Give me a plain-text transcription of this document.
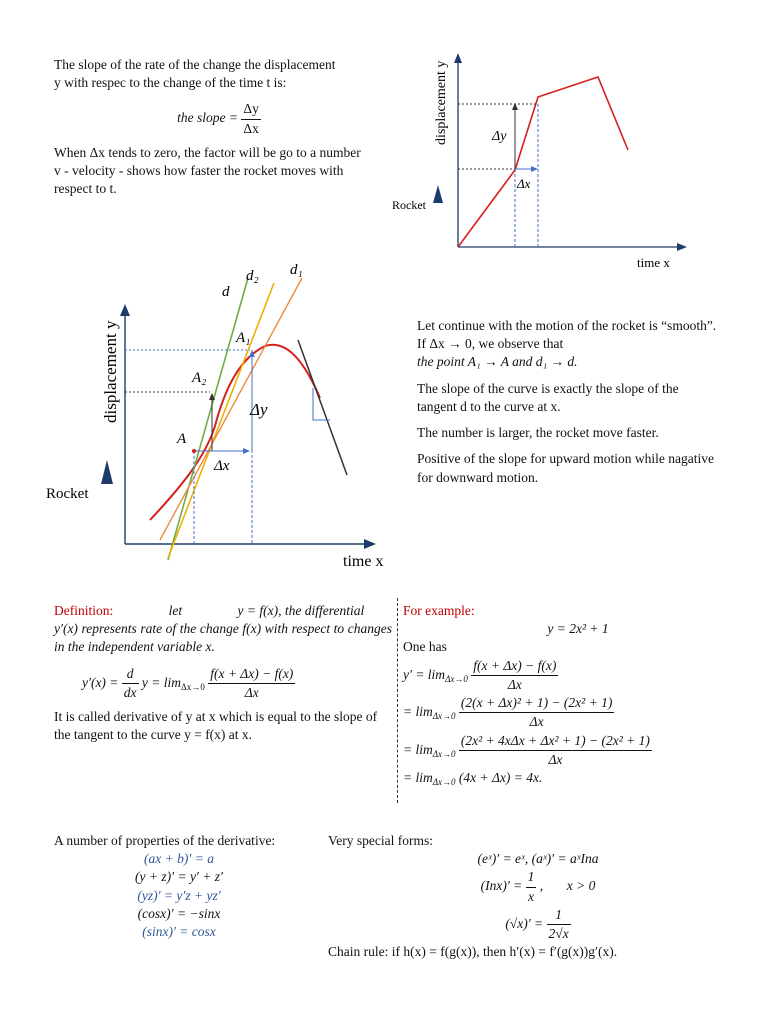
The slope of the rate of the change the displacement

y with respec to the change of the time t is:

the slope = $\frac{\Delta y}{\Delta x}$

When Δx tends to zero, the factor will be go to a number v - velocity - shows how faster the rocket moves with respect to t.

Δy
Δx
displacement y
time x
Rocket
A
A₂
A₁
d
d₂ d₁
Δy
Δx
displacement y
time x
Rocket

Let continue with the motion of the rocket is “smooth”. If Δx → 0, we observe that

the point A₁ → A and d₁ → d.

The slope of the curve is exactly the slope of the tangent d to the curve at x.

The number is larger, the rocket move faster.

Positive of the slope for upward motion while nagative for downward motion.

Definition:	let	y = f(x), the differential

y′(x) represents rate of the change f(x) with respect to changes in the independent variable x.

$y'(x) = \frac{d}{dx}$ $y = \lim_{\Delta x\to 0} \frac{f(x + \Delta x) - f(x)}{\Delta x}$

It is called derivative of y at x which is equal to the slope of the tangent to the curve y = f(x) at x.

For example:

y = 2x² + 1

One has

$y' = \lim_{\Delta x\to 0} \frac{f(x + \Delta x) - f(x)}{\Delta x}$
= $\lim_{\Delta x\to 0} \frac{\text{(2(x + Δx)² + 1) − (2x² + 1)}}{\Delta x}$
= $\lim_{\Delta x\to 0} \frac{\text{(2x² + 4xΔx + Δx² + 1) − (2x² + 1)}}{\Delta x}$
= $\lim_{\Delta x\to 0} (4x + \Delta x) = 4x$.

A number of properties of the derivative:

(ax + b)′ = a
(y + z)′ = y′ + z′
(yz)′ = y′z + yz′
(cosx)′ = −sinx
(sinx)′ = cosx

Very special forms:

(eˣ)′ = eˣ, (aˣ)′ = aˣIna

$(Inx)' = \frac{1}{x}$ ,       x > 0
$(√x)' = \frac{1}{2√x}$

Chain rule: if h(x) = f(g(x)), then h′(x) = f′(g(x))g′(x).
